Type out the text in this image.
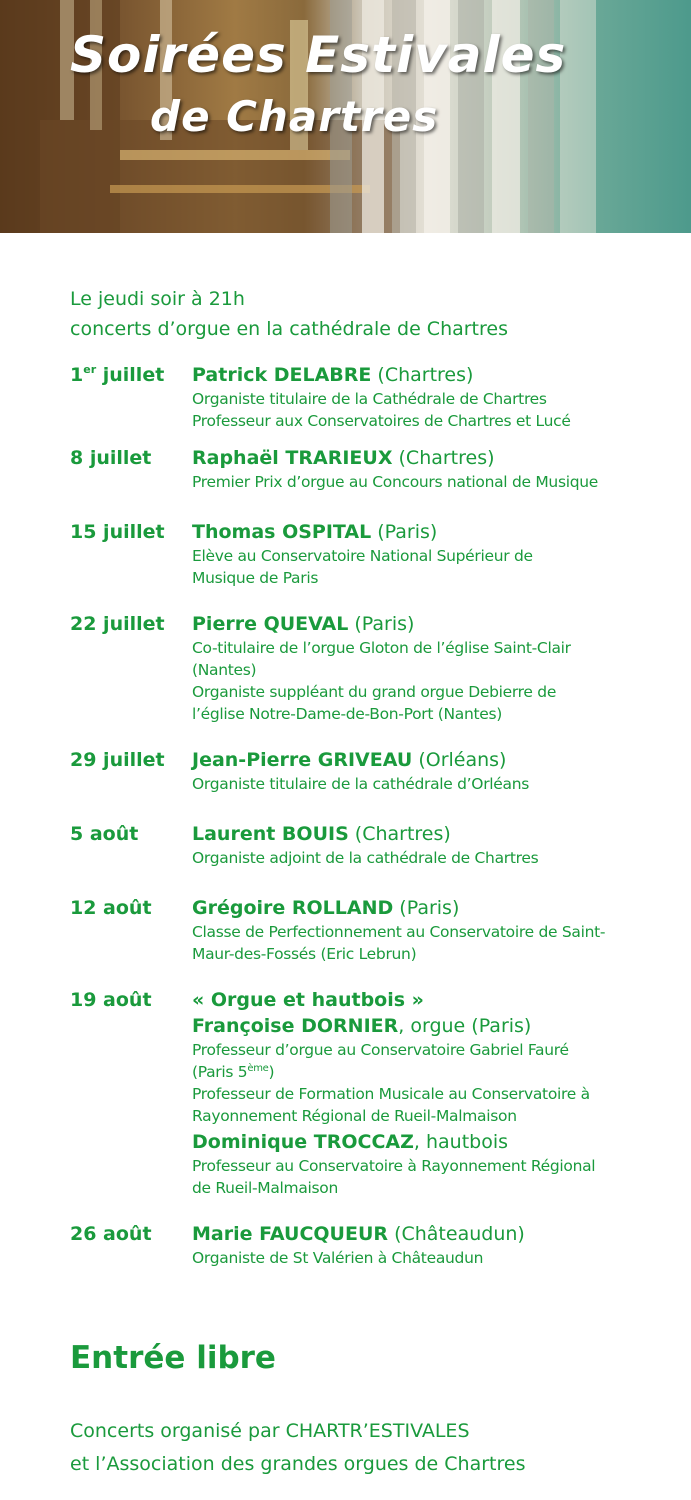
Soirées Estivales
de Chartres
Le jeudi soir à 21h
concerts d’orgue en la cathédrale de Chartres
1er juillet Patrick DELABRE (Chartres)
Organiste titulaire de la Cathédrale de Chartres
Professeur aux Conservatoires de Chartres et Lucé
8 juillet Raphaël TRARIEUX (Chartres)
Premier Prix d’orgue au Concours national de Musique
15 juillet Thomas OSPITAL (Paris)
Elève au Conservatoire National Supérieur de
Musique de Paris
22 juillet Pierre QUEVAL (Paris)
Co-titulaire de l’orgue Gloton de l’église Saint-Clair
(Nantes)
Organiste suppléant du grand orgue Debierre de
l’église Notre-Dame-de-Bon-Port (Nantes)
29 juillet Jean-Pierre GRIVEAU (Orléans)
Organiste titulaire de la cathédrale d’Orléans
5 août	Laurent BOUIS (Chartres)
Organiste adjoint de la cathédrale de Chartres
12 août Grégoire ROLLAND (Paris)
Classe de Perfectionnement au Conservatoire de Saint-
Maur-des-Fossés (Eric Lebrun)
19 août « Orgue et hautbois »
Françoise DORNIER, orgue (Paris)
Professeur d’orgue au Conservatoire Gabriel Fauré
(Paris 5ème)
Professeur de Formation Musicale au Conservatoire à
Rayonnement Régional de Rueil-Malmaison
Dominique TROCCAZ, hautbois
Professeur au Conservatoire à Rayonnement Régional
de Rueil-Malmaison
26 août Marie FAUCQUEUR (Châteaudun)
Organiste de St Valérien à Châteaudun
Entrée libre
Concerts organisé par CHARTR’ESTIVALES
et l’Association des grandes orgues de Chartres
